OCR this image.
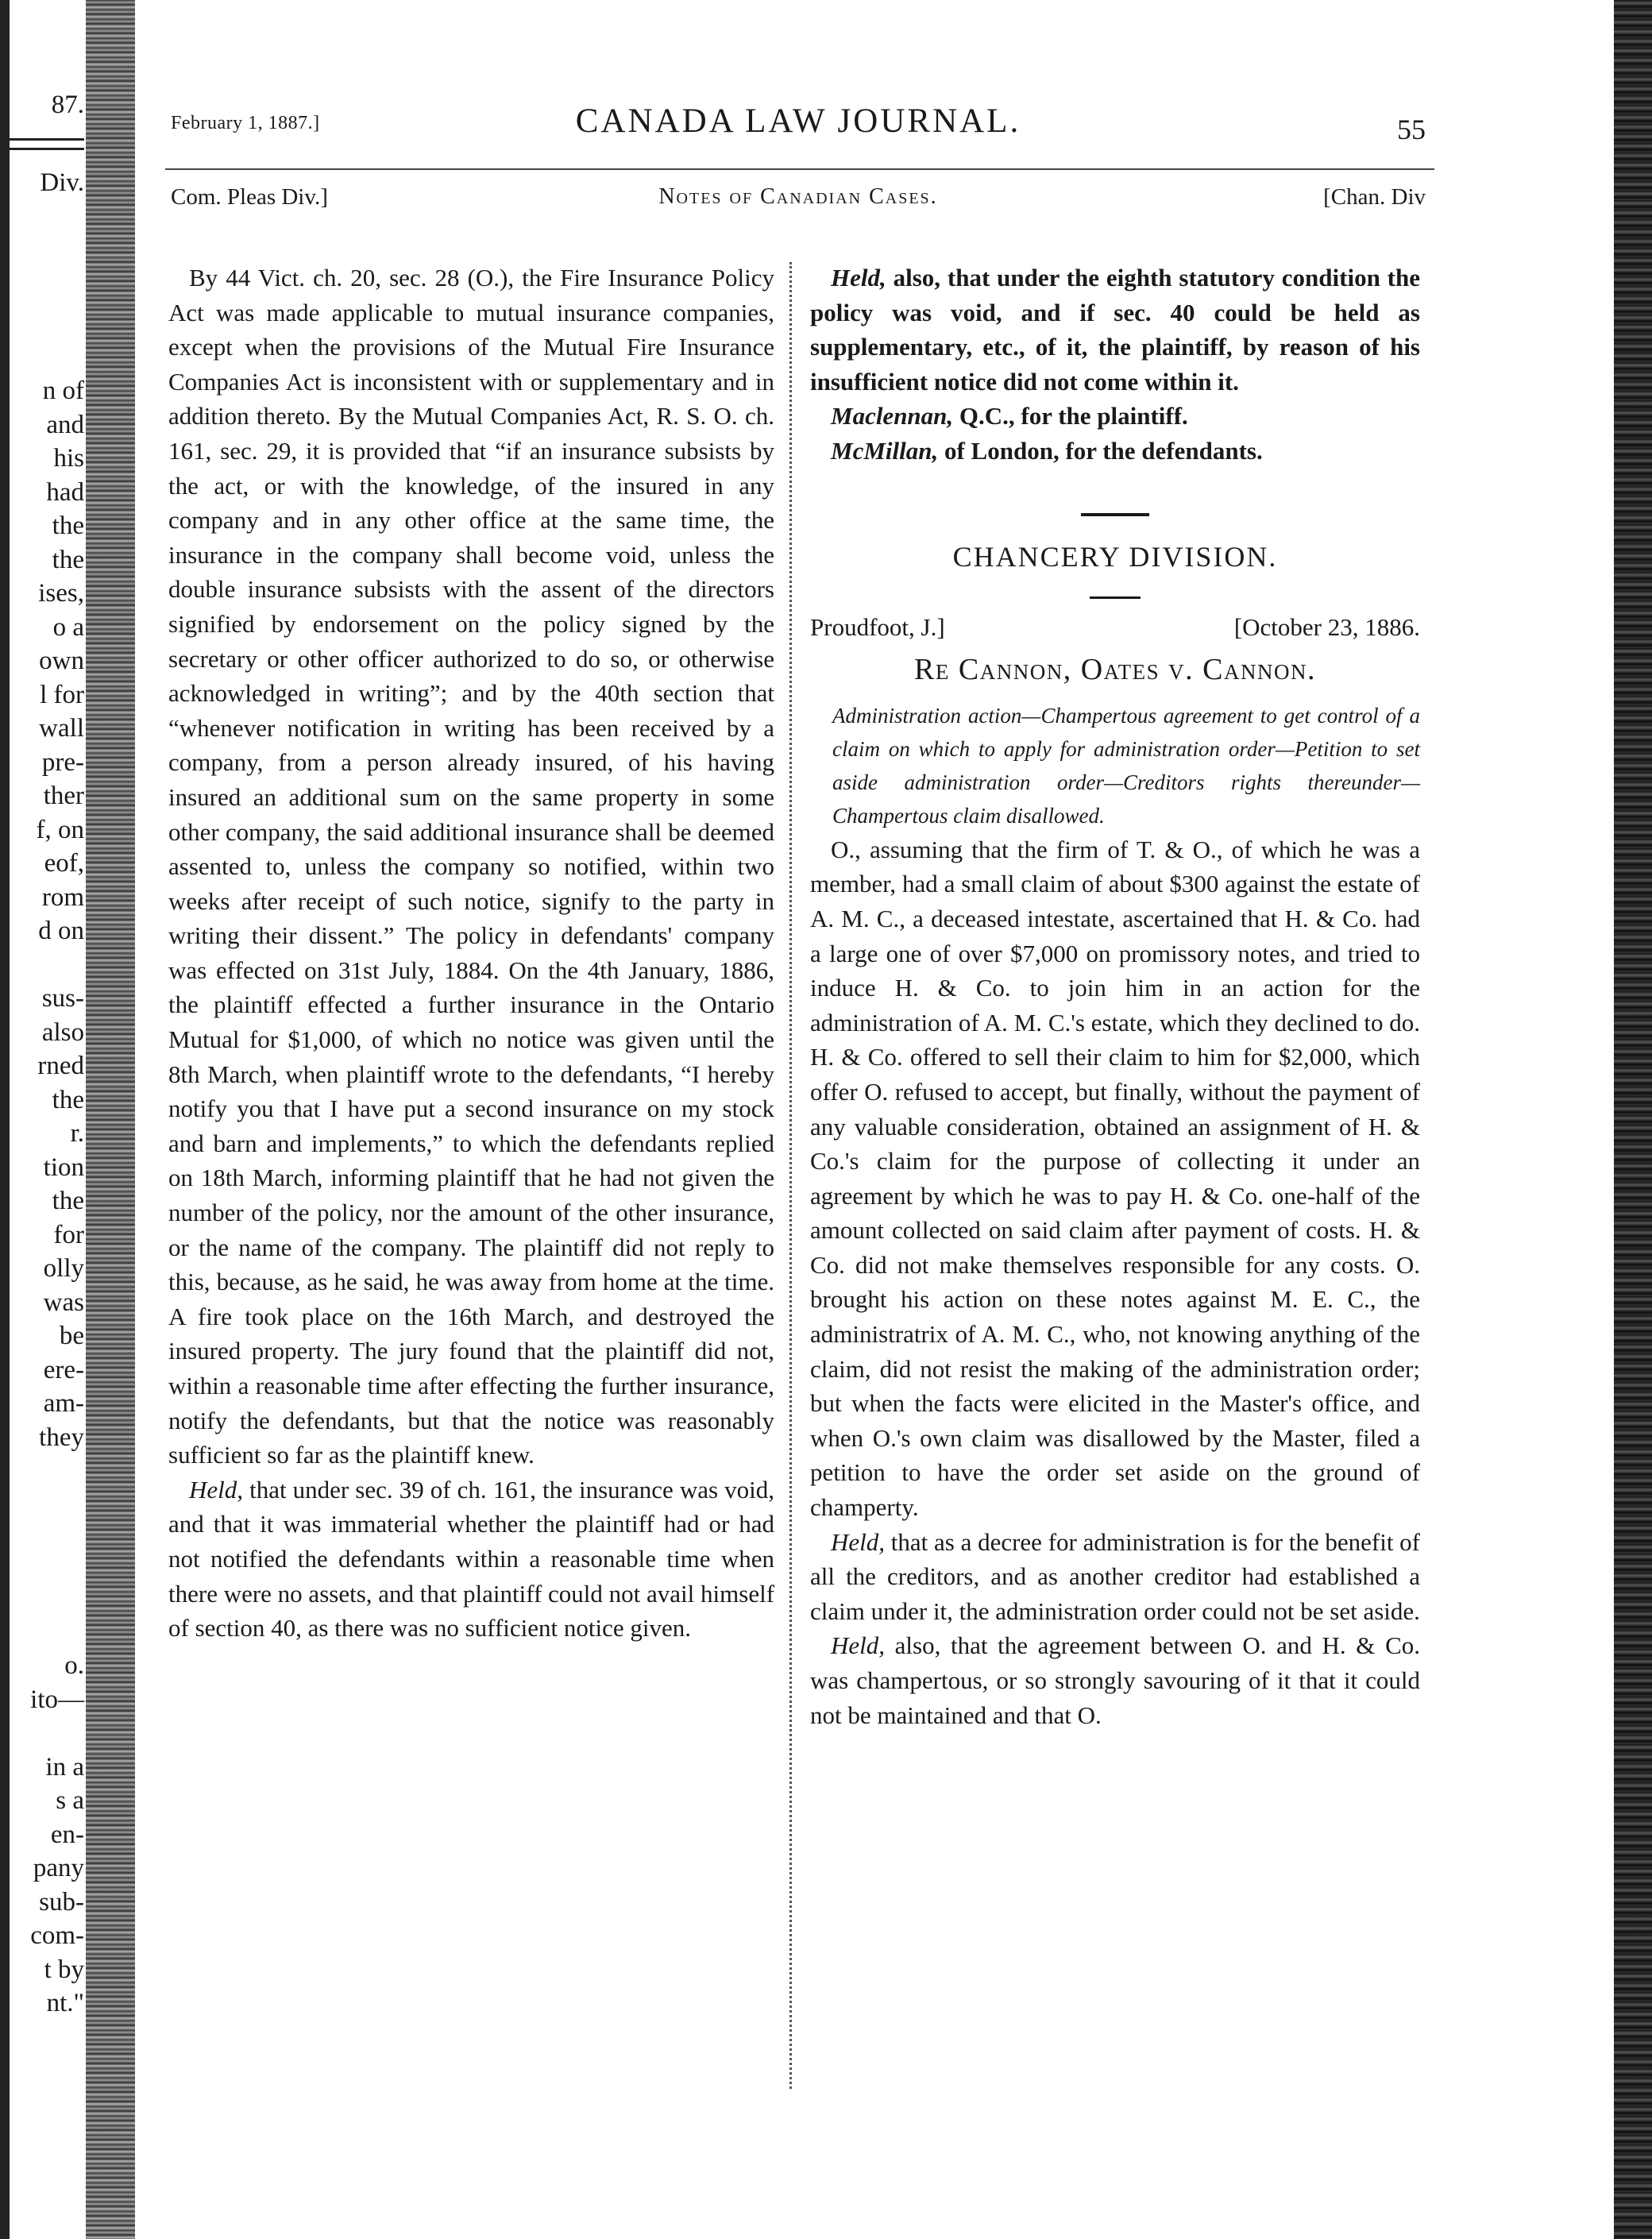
87.
Div.
n of
and
his
had
the
the
ises,
o a
own
l for
wall
pre-
ther
f, on
eof,
rom
d on
sus-
also
rned
the
r.
tion
the
for
olly
was
be
ere-
am-
they
o.
ito—
in a
s a
en-
pany
sub-
com-
t by
nt."
February 1, 1887.]	CANADA LAW JOURNAL.	55
Com. Pleas Div.]	Notes of Canadian Cases.	[Chan. Div

By 44 Vict. ch. 20, sec. 28 (O.), the Fire Insurance Policy Act was made applicable to mutual insurance companies, except when the provisions of the Mutual Fire Insurance Companies Act is inconsistent with or supplementary and in addition thereto. By the Mutual Companies Act, R. S. O. ch. 161, sec. 29, it is provided that “if an insurance subsists by the act, or with the knowledge, of the insured in any company and in any other office at the same time, the insurance in the company shall become void, unless the double insurance subsists with the assent of the directors signified by endorsement on the policy signed by the secretary or other officer authorized to do so, or otherwise acknowledged in writing”; and by the 40th section that “whenever notification in writing has been received by a company, from a person already insured, of his having insured an additional sum on the same property in some other company, the said additional insurance shall be deemed assented to, unless the company so notified, within two weeks after receipt of such notice, signify to the party in writing their dissent.” The policy in defendants' company was effected on 31st July, 1884. On the 4th January, 1886, the plaintiff effected a further insurance in the Ontario Mutual for $1,000, of which no notice was given until the 8th March, when plaintiff wrote to the defendants, “I hereby notify you that I have put a second insurance on my stock and barn and implements,” to which the defendants replied on 18th March, informing plaintiff that he had not given the number of the policy, nor the amount of the other insurance, or the name of the company. The plaintiff did not reply to this, because, as he said, he was away from home at the time. A fire took place on the 16th March, and destroyed the insured property. The jury found that the plaintiff did not, within a reasonable time after effecting the further insurance, notify the defendants, but that the notice was reasonably sufficient so far as the plaintiff knew.

Held, that under sec. 39 of ch. 161, the insurance was void, and that it was immaterial whether the plaintiff had or had not notified the defendants within a reasonable time when there were no assets, and that plaintiff could not avail himself of section 40, as there was no sufficient notice given.

Held, also, that under the eighth statutory condition the policy was void, and if sec. 40 could be held as supplementary, etc., of it, the plaintiff, by reason of his insufficient notice did not come within it.

Maclennan, Q.C., for the plaintiff.

McMillan, of London, for the defendants.

CHANCERY DIVISION.
Proudfoot, J.]	[October 23, 1886.
Re Cannon, Oates v. Cannon.

Administration action—Champertous agreement to get control of a claim on which to apply for administration order—Petition to set aside administration order—Creditors rights thereunder—Champertous claim disallowed.

O., assuming that the firm of T. & O., of which he was a member, had a small claim of about $300 against the estate of A. M. C., a deceased intestate, ascertained that H. & Co. had a large one of over $7,000 on promissory notes, and tried to induce H. & Co. to join him in an action for the administration of A. M. C.'s estate, which they declined to do. H. & Co. offered to sell their claim to him for $2,000, which offer O. refused to accept, but finally, without the payment of any valuable consideration, obtained an assignment of H. & Co.'s claim for the purpose of collecting it under an agreement by which he was to pay H. & Co. one-half of the amount collected on said claim after payment of costs. H. & Co. did not make themselves responsible for any costs. O. brought his action on these notes against M. E. C., the administratrix of A. M. C., who, not knowing anything of the claim, did not resist the making of the administration order; but when the facts were elicited in the Master's office, and when O.'s own claim was disallowed by the Master, filed a petition to have the order set aside on the ground of champerty.

Held, that as a decree for administration is for the benefit of all the creditors, and as another creditor had established a claim under it, the administration order could not be set aside.

Held, also, that the agreement between O. and H. & Co. was champertous, or so strongly savouring of it that it could not be maintained and that O.
